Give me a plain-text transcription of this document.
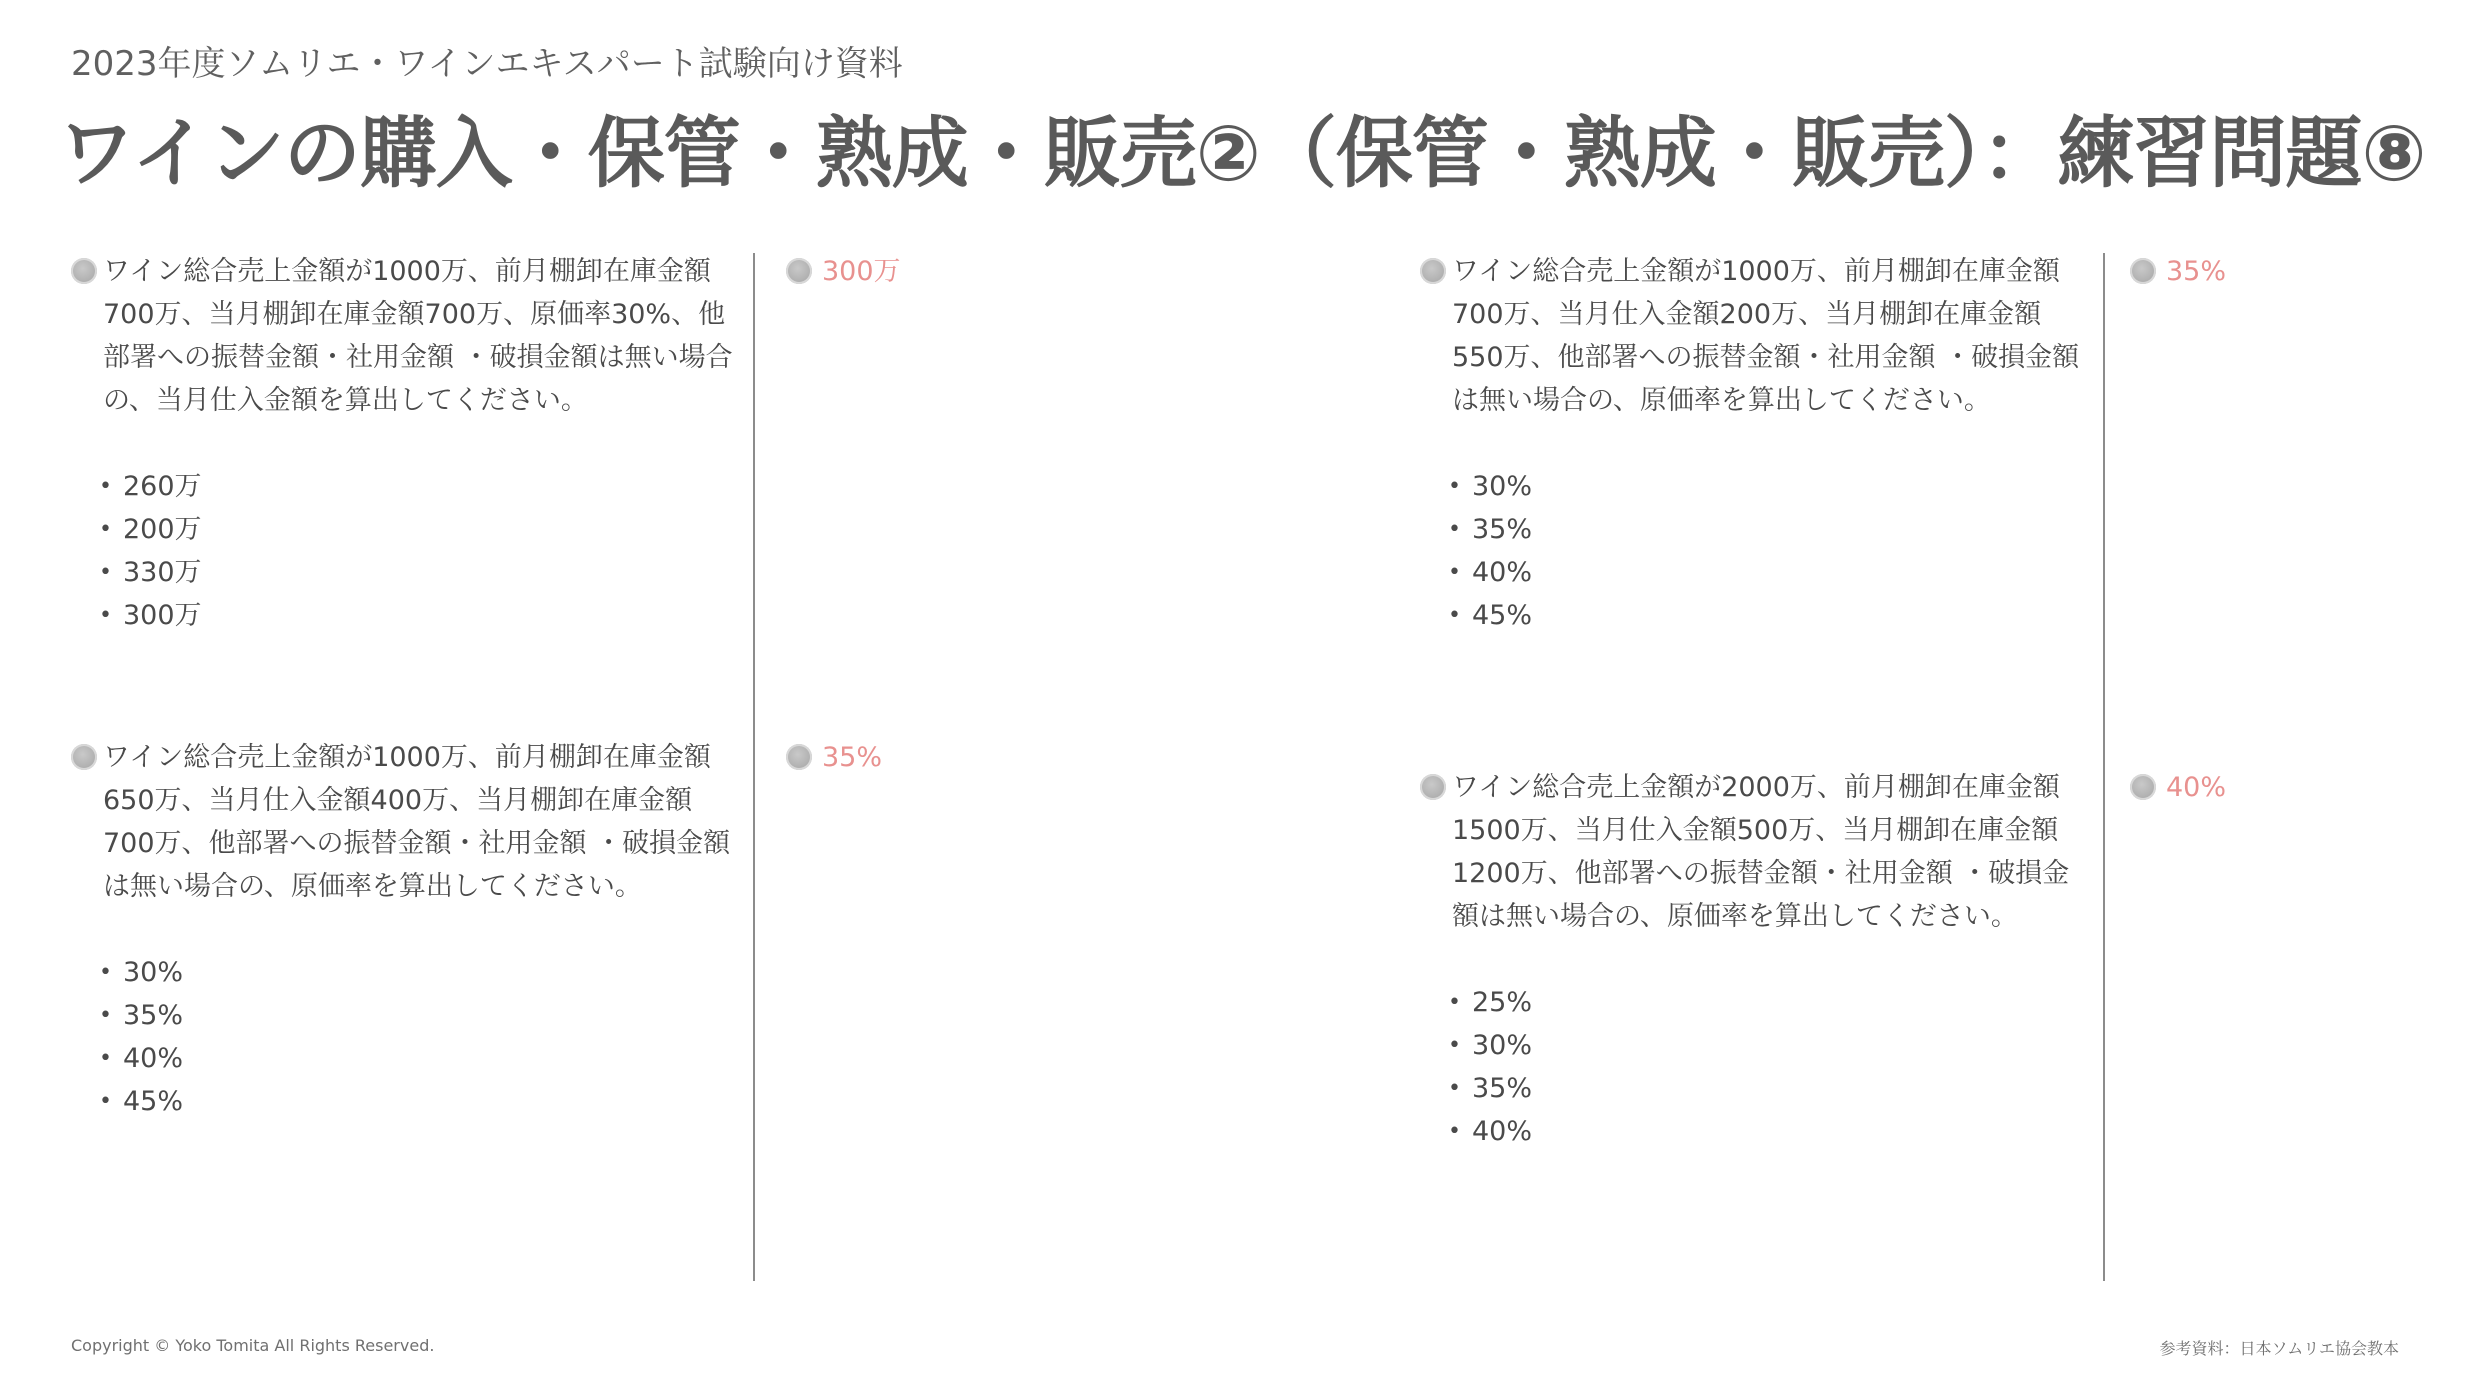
2023年度ソムリエ・ワインエキスパート試験向け資料
ワインの購入・保管・熟成・販売②（保管・熟成・販売）：練習問題⑧
ワイン総合売上金額が1000万、前月棚卸在庫金額700万、当月棚卸在庫金額700万、原価率30%、他部署への振替金額・社用金額 ・破損金額は無い場合の、当月仕入金額を算出してください。
• 260万
• 200万
• 330万
• 300万
300万
ワイン総合売上金額が1000万、前月棚卸在庫金額650万、当月仕入金額400万、当月棚卸在庫金額700万、他部署への振替金額・社用金額 ・破損金額は無い場合の、原価率を算出してください。
• 30%
• 35%
• 40%
• 45%
35%
ワイン総合売上金額が1000万、前月棚卸在庫金額700万、当月仕入金額200万、当月棚卸在庫金額550万、他部署への振替金額・社用金額 ・破損金額は無い場合の、原価率を算出してください。
• 30%
• 35%
• 40%
• 45%
35%
ワイン総合売上金額が2000万、前月棚卸在庫金額1500万、当月仕入金額500万、当月棚卸在庫金額1200万、他部署への振替金額・社用金額 ・破損金額は無い場合の、原価率を算出してください。
• 25%
• 30%
• 35%
• 40%
40%
Copyright © Yoko Tomita All Rights Reserved.	参考資料：日本ソムリエ協会教本
